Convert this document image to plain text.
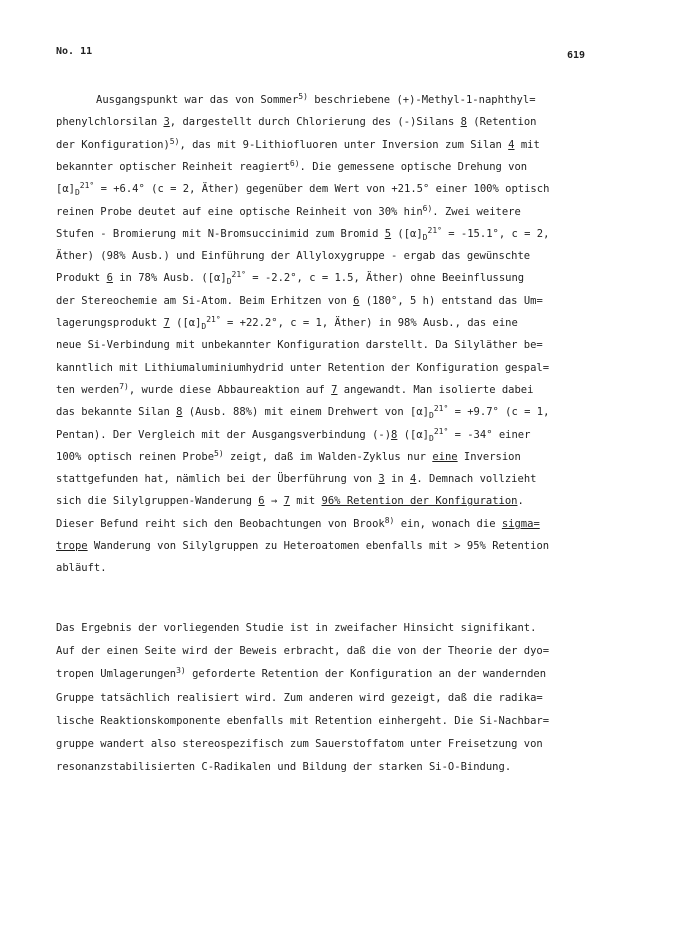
No. 11	619
Ausgangspunkt war das von Sommer$^{5)}$ beschriebene (+)-Methyl-1-naphthyl=
phenylchlorsilan 3, dargestellt durch Chlorierung des (-)Silans 8 (Retention
der Konfiguration)$^{5)}$, das mit 9-Lithiofluoren unter Inversion zum Silan 4 mit
bekannter optischer Reinheit reagiert$^{6)}$. Die gemessene optische Drehung von
$[\alpha]_D^{21^\circ} = +6.4^\circ$ (c = 2, Äther) gegenüber dem Wert von +21.5° einer 100% optisch
reinen Probe deutet auf eine optische Reinheit von 30% hin$^{6)}$. Zwei weitere
Stufen - Bromierung mit N-Bromsuccinimid zum Bromid 5 ($[\alpha]_D^{21^\circ} = -15.1^\circ$, c = 2,
Äther) (98% Ausb.) und Einführung der Allyloxygruppe - ergab das gewünschte
Produkt 6 in 78% Ausb. ($[\alpha]_D^{21^\circ} = -2.2^\circ$, c = 1.5, Äther) ohne Beeinflussung
der Stereochemie am Si-Atom. Beim Erhitzen von 6 (180°, 5 h) entstand das Um=
lagerungsprodukt 7 ($[\alpha]_D^{21^\circ} = +22.2^\circ$, c = 1, Äther) in 98% Ausb., das eine
neue Si-Verbindung mit unbekannter Konfiguration darstellt. Da Silyläther be=
kanntlich mit Lithiumaluminiumhydrid unter Retention der Konfiguration gespal=
ten werden$^{7)}$, wurde diese Abbaureaktion auf 7 angewandt. Man isolierte dabei
das bekannte Silan 8 (Ausb. 88%) mit einem Drehwert von $[\alpha]_D^{21^\circ} = +9.7^\circ$ (c = 1,
Pentan). Der Vergleich mit der Ausgangsverbindung (-)8 ($[\alpha]_D^{21^\circ} = -34^\circ$ einer
100% optisch reinen Probe$^{5)}$ zeigt, daß im Walden-Zyklus nur eine Inversion
stattgefunden hat, nämlich bei der Überführung von 3 in 4. Demnach vollzieht
sich die Silylgruppen-Wanderung 6 → 7 mit 96% Retention der Konfiguration.
Dieser Befund reiht sich den Beobachtungen von Brook$^{8)}$ ein, wonach die sigma=
trope Wanderung von Silylgruppen zu Heteroatomen ebenfalls mit > 95% Retention
abläuft.
Das Ergebnis der vorliegenden Studie ist in zweifacher Hinsicht signifikant.
Auf der einen Seite wird der Beweis erbracht, daß die von der Theorie der dyo=
tropen Umlagerungen$^{3)}$ geforderte Retention der Konfiguration an der wandernden
Gruppe tatsächlich realisiert wird. Zum anderen wird gezeigt, daß die radika=
lische Reaktionskomponente ebenfalls mit Retention einhergeht. Die Si-Nachbar=
gruppe wandert also stereospezifisch zum Sauerstoffatom unter Freisetzung von
resonanzstabilisierten C-Radikalen und Bildung der starken Si-O-Bindung.
